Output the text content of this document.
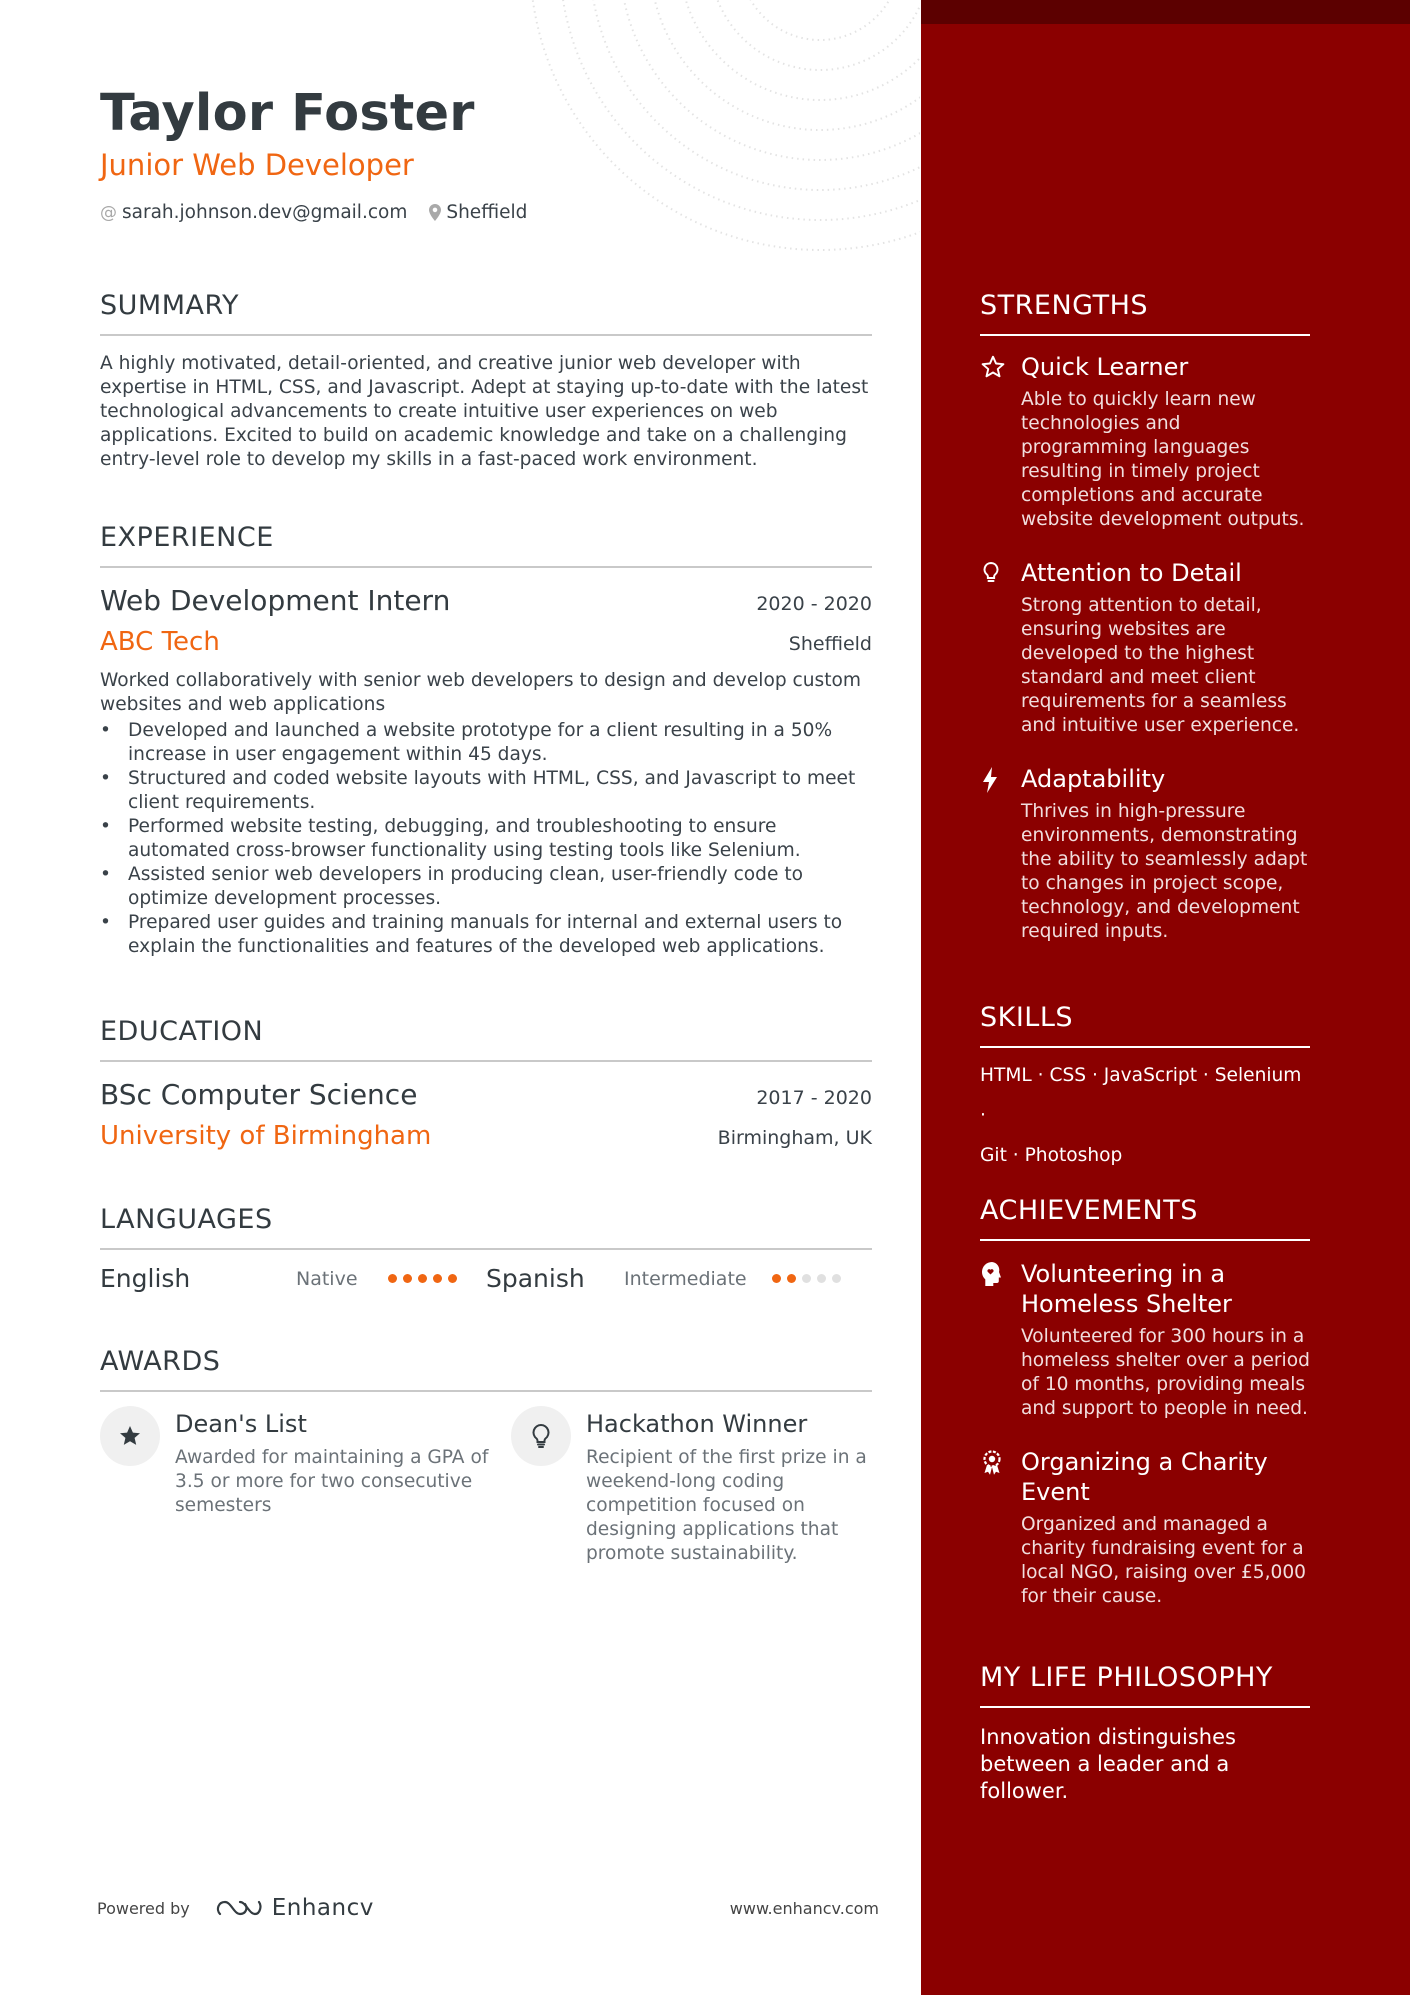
Taylor Foster
Junior Web Developer
@ sarah.johnson.dev@gmail.com Sheffield
SUMMARY

A highly motivated, detail-oriented, and creative junior web developer with expertise in HTML, CSS, and Javascript. Adept at staying up-to-date with the latest technological advancements to create intuitive user experiences on web applications. Excited to build on academic knowledge and take on a challenging entry-level role to develop my skills in a fast-paced work environment.

EXPERIENCE
Web Development Intern	2020 - 2020
ABC Tech	Sheffield
Worked collaboratively with senior web developers to design and develop custom websites and web applications
• Developed and launched a website prototype for a client resulting in a 50% increase in user engagement within 45 days.
• Structured and coded website layouts with HTML, CSS, and Javascript to meet client requirements.
• Performed website testing, debugging, and troubleshooting to ensure automated cross-browser functionality using testing tools like Selenium.
• Assisted senior web developers in producing clean, user-friendly code to optimize development processes.
• Prepared user guides and training manuals for internal and external users to explain the functionalities and features of the developed web applications.
EDUCATION
BSc Computer Science	2017 - 2020
University of Birmingham	Birmingham, UK
LANGUAGES
English	Native	Spanish	Intermediate
AWARDS
Dean's List
Awarded for maintaining a GPA of 3.5 or more for two consecutive semesters
Hackathon Winner
Recipient of the first prize in a weekend-long coding competition focused on designing applications that promote sustainability.
Powered by	Enhancv	www.enhancv.com
STRENGTHS
Quick Learner
Able to quickly learn new technologies and programming languages resulting in timely project completions and accurate website development outputs.
Attention to Detail
Strong attention to detail, ensuring websites are developed to the highest standard and meet client requirements for a seamless and intuitive user experience.
Adaptability
Thrives in high-pressure environments, demonstrating the ability to seamlessly adapt to changes in project scope, technology, and development required inputs.
SKILLS
HTML · CSS · JavaScript · Selenium ·
Git · Photoshop
ACHIEVEMENTS
Volunteering in a Homeless Shelter
Volunteered for 300 hours in a homeless shelter over a period of 10 months, providing meals and support to people in need.
Organizing a Charity Event
Organized and managed a charity fundraising event for a local NGO, raising over £5,000 for their cause.
MY LIFE PHILOSOPHY
Innovation distinguishes between a leader and a follower.
